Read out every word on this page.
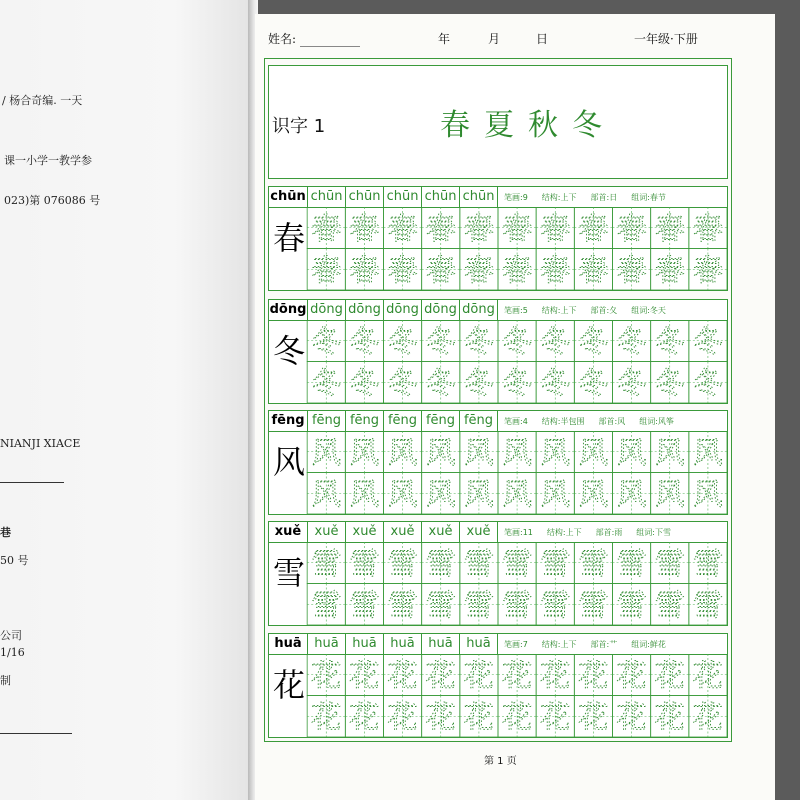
/ 杨合奇编. 一天
课一小学一教学参
023)第 076086 号
NIANJI XIACE
巷
50 号
公司
1/16
制
姓名:	年	月	日	一年级·下册
识字 1	春夏秋冬
chūn chūn chūn chūn chūn chūn	笔画:9 结构:上下 部首:日 组词:春节
春 春 春 春 春 春 春 春 春 春 春
春 春 春 春 春 春 春 春 春 春 春
春
dōng dōng dōng dōng dōng dōng 笔画:5 结构:上下 部首:夂 组词:冬天
冬 冬 冬 冬 冬 冬 冬 冬 冬 冬 冬
冬 冬 冬 冬 冬 冬 冬 冬 冬 冬 冬
冬
fēng fēng fēng fēng fēng fēng	笔画:4 结构:半包围 部首:风 组词:风筝
风 风 风 风 风 风 风 风 风 风 风
风 风 风 风 风 风 风 风 风 风 风
风
xuě	xuě	xuě	xuě	xuě	xuě	笔画:11 结构:上下 部首:雨 组词:下雪
雪 雪 雪 雪 雪 雪 雪 雪 雪 雪 雪
雪 雪 雪 雪 雪 雪 雪 雪 雪 雪 雪
雪
huā huā	huā	huā	huā	huā	笔画:7 结构:上下 部首:艹 组词:鲜花
花 花 花 花 花 花 花 花 花 花 花
花 花 花 花 花 花 花 花 花 花 花
花
第 1 页
